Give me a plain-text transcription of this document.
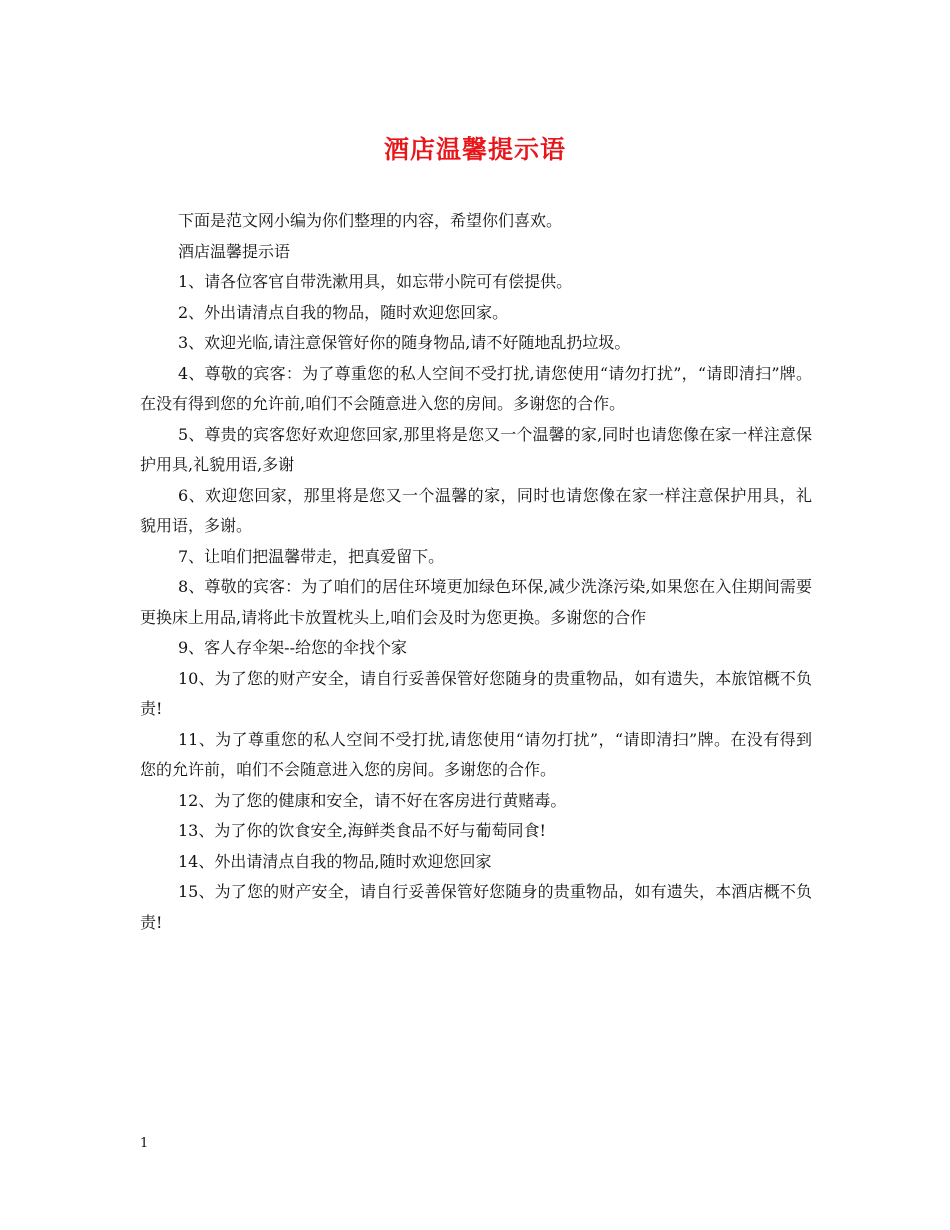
酒店温馨提示语

下面是范文网小编为你们整理的内容，希望你们喜欢。

酒店温馨提示语

1、请各位客官自带洗漱用具，如忘带小院可有偿提供。

2、外出请清点自我的物品，随时欢迎您回家。

3、欢迎光临,请注意保管好你的随身物品,请不好随地乱扔垃圾。

4、尊敬的宾客：为了尊重您的私人空间不受打扰,请您使用“请勿打扰”，“请即清扫”牌。在没有得到您的允许前,咱们不会随意进入您的房间。多谢您的合作。

5、尊贵的宾客您好欢迎您回家,那里将是您又一个温馨的家,同时也请您像在家一样注意保护用具,礼貌用语,多谢

6、欢迎您回家，那里将是您又一个温馨的家，同时也请您像在家一样注意保护用具，礼貌用语，多谢。

7、让咱们把温馨带走，把真爱留下。

8、尊敬的宾客：为了咱们的居住环境更加绿色环保,减少洗涤污染,如果您在入住期间需要更换床上用品,请将此卡放置枕头上,咱们会及时为您更换。多谢您的合作

9、客人存伞架--给您的伞找个家

10、为了您的财产安全，请自行妥善保管好您随身的贵重物品，如有遗失，本旅馆概不负责!

11、为了尊重您的私人空间不受打扰,请您使用“请勿打扰”，“请即清扫”牌。在没有得到您的允许前，咱们不会随意进入您的房间。多谢您的合作。

12、为了您的健康和安全，请不好在客房进行黄赌毒。

13、为了你的饮食安全,海鲜类食品不好与葡萄同食!

14、外出请清点自我的物品,随时欢迎您回家

15、为了您的财产安全，请自行妥善保管好您随身的贵重物品，如有遗失，本酒店概不负责!

1
